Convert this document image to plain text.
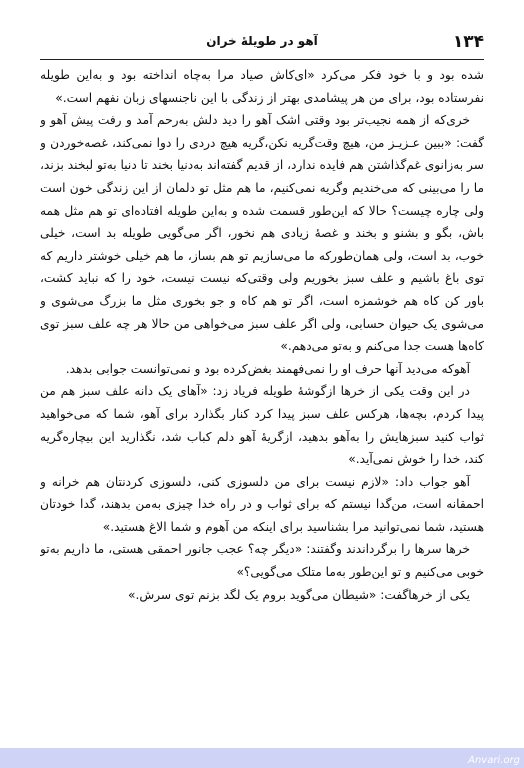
۱۳۴
آهو در طویلهٔ خران

شده بود و با خود فکر می‌کرد «ای‌کاش صیاد مرا به‌چاه انداخته بود و به‌این طویله نفرستاده بود، برای من هر پیشامدی بهتر از زندگی با این ناجنسهای زبان نفهم است.»

خری‌که از همه نجیب‌تر بود وقتی اشک آهو را دید دلش به‌رحم آمد و رفت پیش آهو و گفت: «ببین عـزیـز من، هیچ وقت‌گریه نکن،گریه هیچ دردی را دوا نمی‌کند، غصه‌خوردن و سر به‌زانوی غم‌گذاشتن هم فایده ندارد، از قدیم گفته‌اند به‌دنیا بخند تا دنیا به‌تو لبخند بزند، ما را می‌بینی که می‌خندیم وگریه نمی‌کنیم، ما هم مثل تو دلمان از این زندگی خون است ولی چاره چیست؟ حالا که این‌طور قسمت شده و به‌این طویله افتاده‌ای تو هم مثل همه باش، بگو و بشنو و بخند و غصهٔ زیادی هم نخور، اگر می‌گویی طویله بد است، خیلی خوب، بد است، ولی همان‌طور‌که ما می‌سازیم تو هم بساز، ما هم خیلی خوشتر داریم که توی باغ باشیم و علف سبز بخوریم ولی وقتی‌که نیست نیست، خود را که نباید کشت، باور کن کاه هم خوشمزه است، اگر تو هم کاه و جو بخوری مثل ما بزرگ می‌شوی و می‌شوی یک حیوان حسابی، ولی اگر علف سبز می‌خواهی من حالا هر چه علف سبز توی کاه‌ها هست جدا می‌کنم و به‌تو می‌دهم.»

آهوکه می‌دید آنها حرف او را نمی‌فهمند بغض‌کرده بود و نمی‌توانست جوابی بدهد.

در این وقت یکی از خرها ازگوشهٔ طویله فریاد زد: «آهای یک دانه علف سبز هم من پیدا کردم، بچه‌ها، هرکس علف سبز پیدا کرد کنار بگذارد برای آهو، شما که می‌خواهید ثواب کنید سبزهایش را به‌آهو بدهید، ازگریهٔ آهو دلم کباب شد، نگذارید این بیچاره‌گریه کند، خدا را خوش نمی‌آید.»

آهو جواب داد: «لازم نیست برای من دلسوزی کنی، دلسوزی کردنتان هم خرانه و احمقانه است، من‌گدا نیستم که برای ثواب و در راه خدا چیزی به‌من بدهند، گدا خودتان هستید، شما نمی‌توانید مرا بشناسید برای اینکه من آهوم و شما الاغ هستید.»

خرها سرها را برگرداندند وگفتند: «دیگر چه؟ عجب جانور احمقی هستی، ما داریم به‌تو خوبی می‌کنیم و تو این‌طور به‌ما متلک می‌گویی؟»

یکی از خرهاگفت: «شیطان می‌گوید بروم یک لگد بزنم توی سرش.»

Anvari.org
